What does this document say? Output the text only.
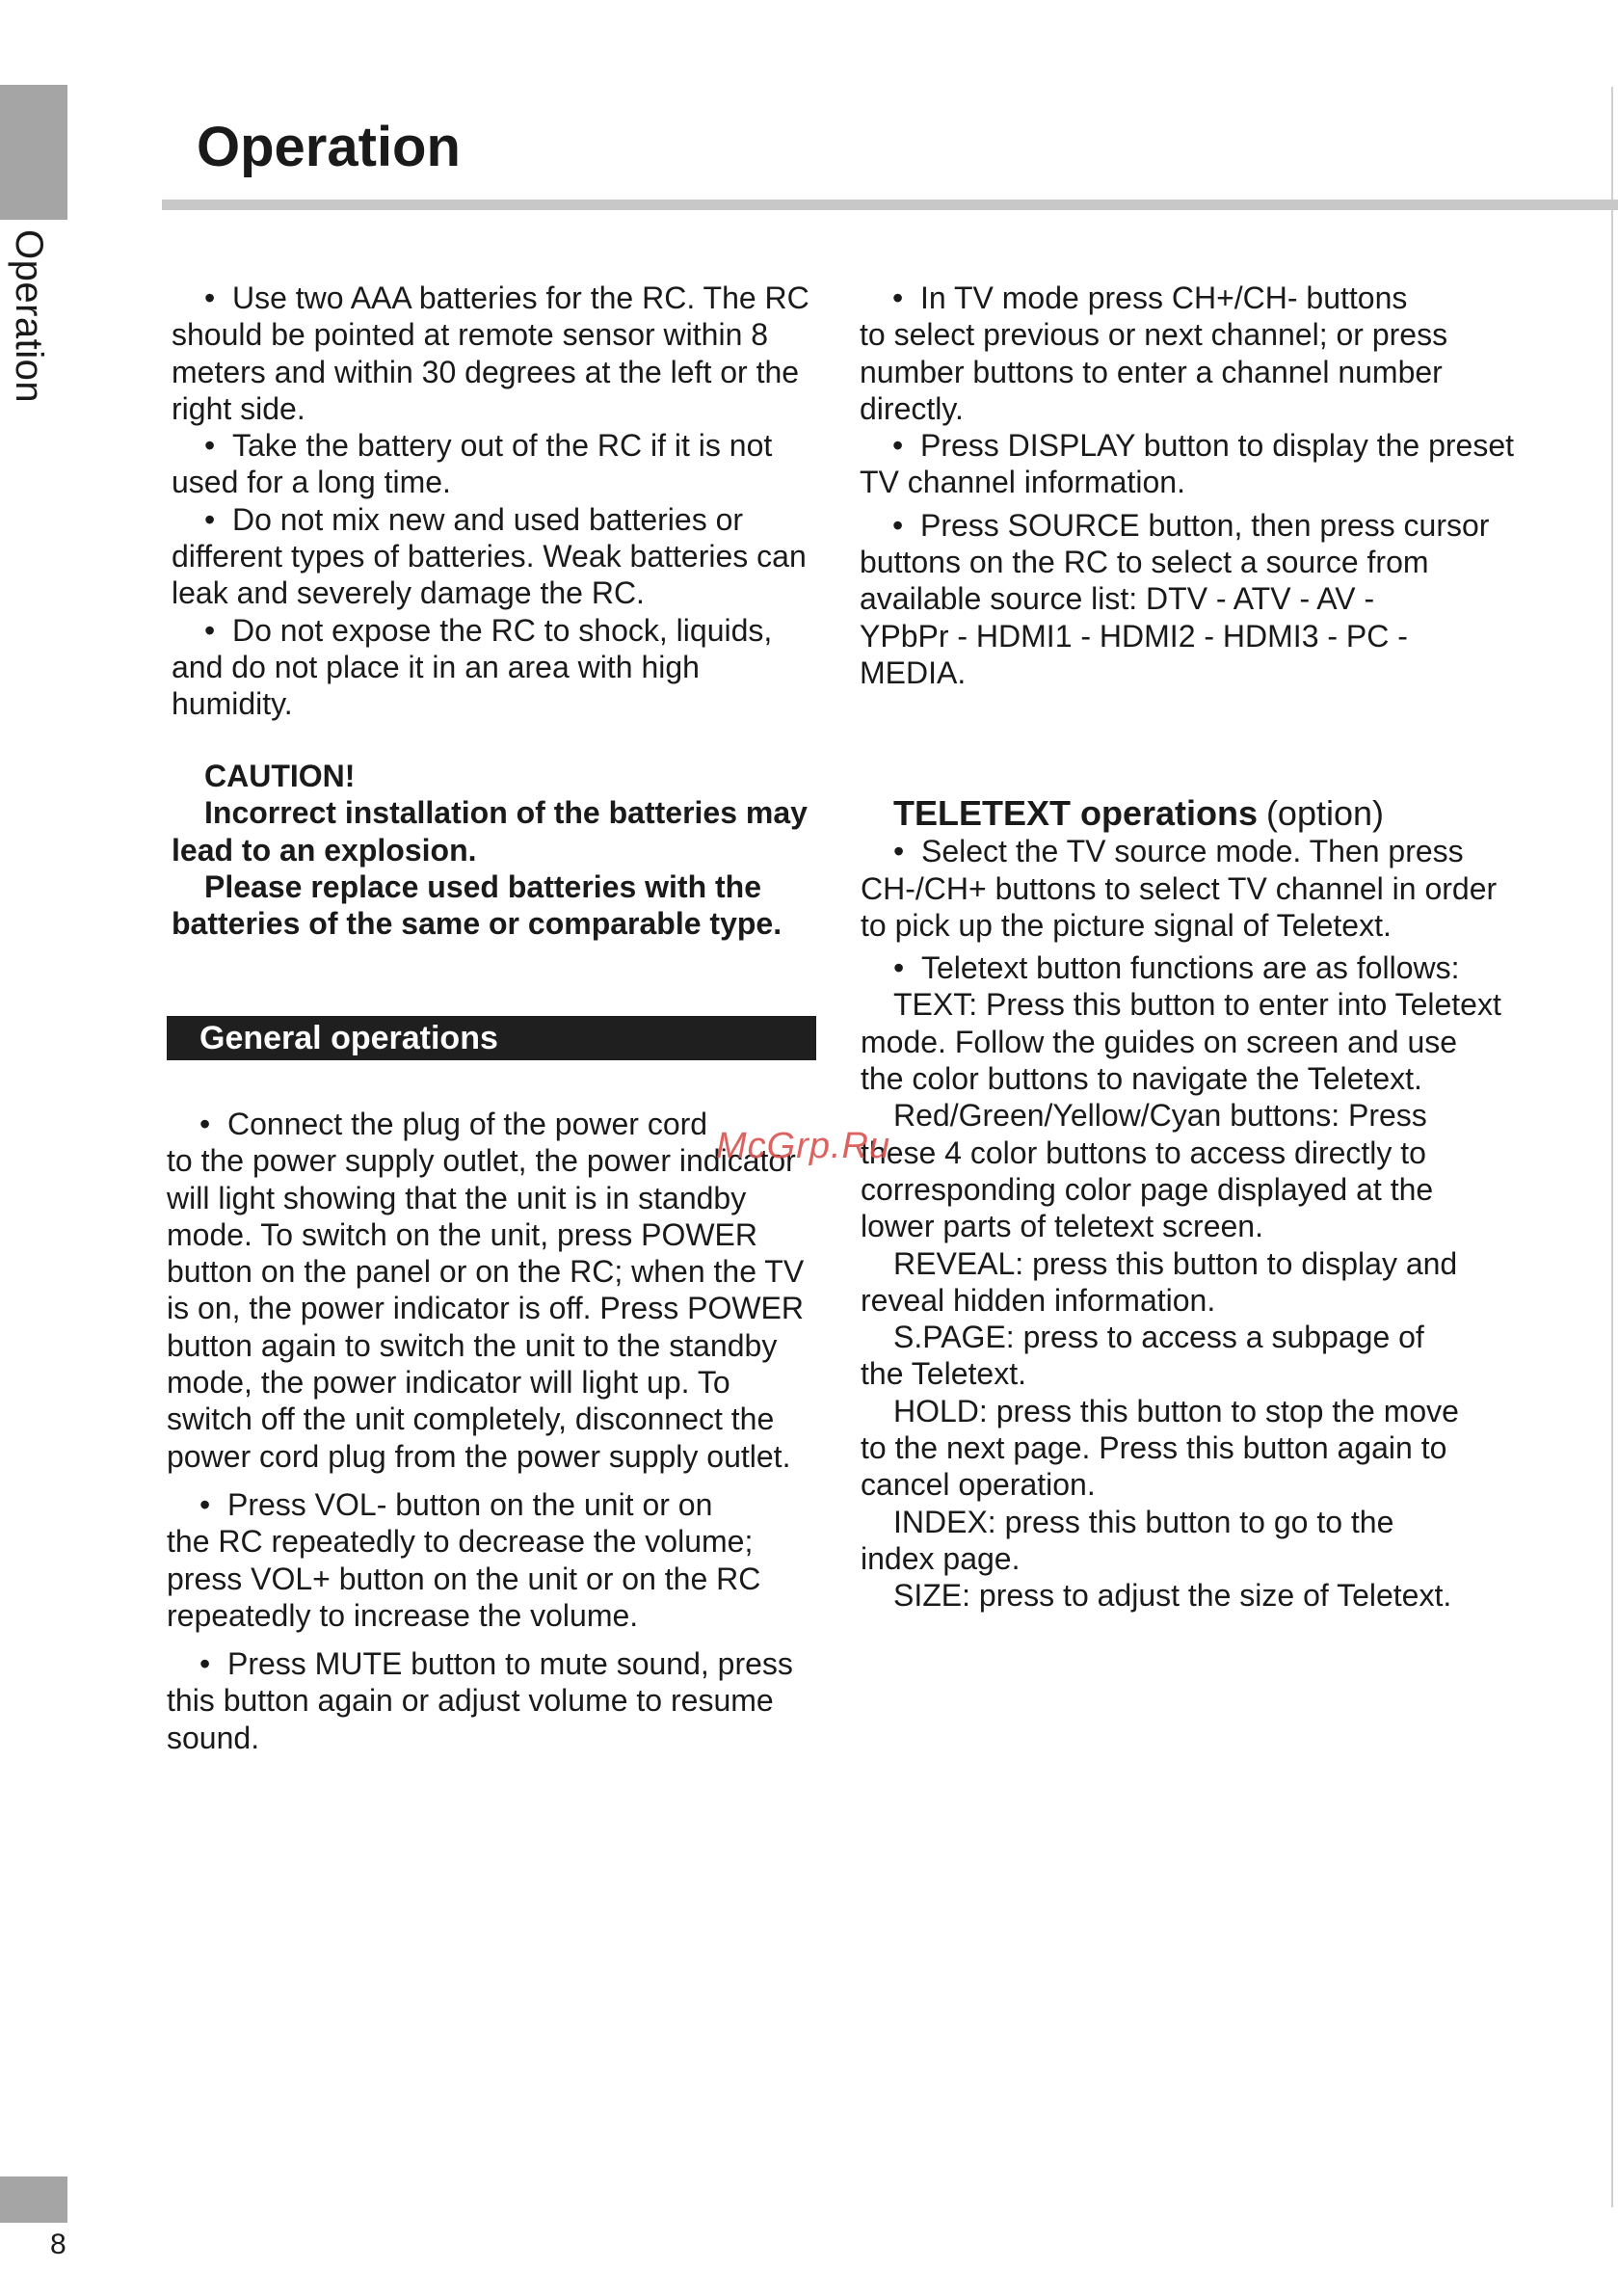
Operation
8
Operation

•  Use two AAA batteries for the RC. The RC

should be pointed at remote sensor within 8

meters and within 30 degrees at the left or the

right side.

•  Take the battery out of the RC if it is not

used for a long time.

•  Do not mix new and used batteries or

different types of batteries. Weak batteries can

leak and severely damage the RC.

•  Do not expose the RC to shock, liquids,

and do not place it in an area with high

humidity.

CAUTION!

Incorrect installation of the batteries may

lead to an explosion.

Please replace used batteries with the

batteries of the same or comparable type.

General operations

•  Connect the plug of the power cord

to the power supply outlet, the power indicator

will light showing that the unit is in standby

mode. To switch on the unit, press POWER

button on the panel or on the RC; when the TV

is on, the power indicator is off. Press POWER

button again to switch the unit to the standby

mode, the power indicator will light up. To

switch off the unit completely, disconnect the

power cord plug from the power supply outlet.

•  Press VOL- button on the unit or on

the RC repeatedly to decrease the volume;

press VOL+ button on the unit or on the RC

repeatedly to increase the volume.

•  Press MUTE button to mute sound, press

this button again or adjust volume to resume

sound.

•  In TV mode press CH+/CH- buttons

to select previous or next channel; or press

number buttons to enter a channel number

directly.

•  Press DISPLAY button to display the preset

TV channel information.

•  Press SOURCE button, then press cursor

buttons on the RC to select a source from

available source list: DTV - ATV - AV -

YPbPr - HDMI1 - HDMI2 - HDMI3 - PC -

MEDIA.

TELETEXT operations (option)

•  Select the TV source mode. Then press

CH-/CH+ buttons to select TV channel in order

to pick up the picture signal of Teletext.

•  Teletext button functions are as follows:

TEXT: Press this button to enter into Teletext

mode. Follow the guides on screen and use

the color buttons to navigate the Teletext.

Red/Green/Yellow/Cyan buttons: Press

these 4 color buttons to access directly to

corresponding color page displayed at the

lower parts of teletext screen.

REVEAL: press this button to display and

reveal hidden information.

S.PAGE: press to access a subpage of

the Teletext.

HOLD: press this button to stop the move

to the next page. Press this button again to

cancel operation.

INDEX: press this button to go to the

index page.

SIZE: press to adjust the size of Teletext.

McGrp.Ru
